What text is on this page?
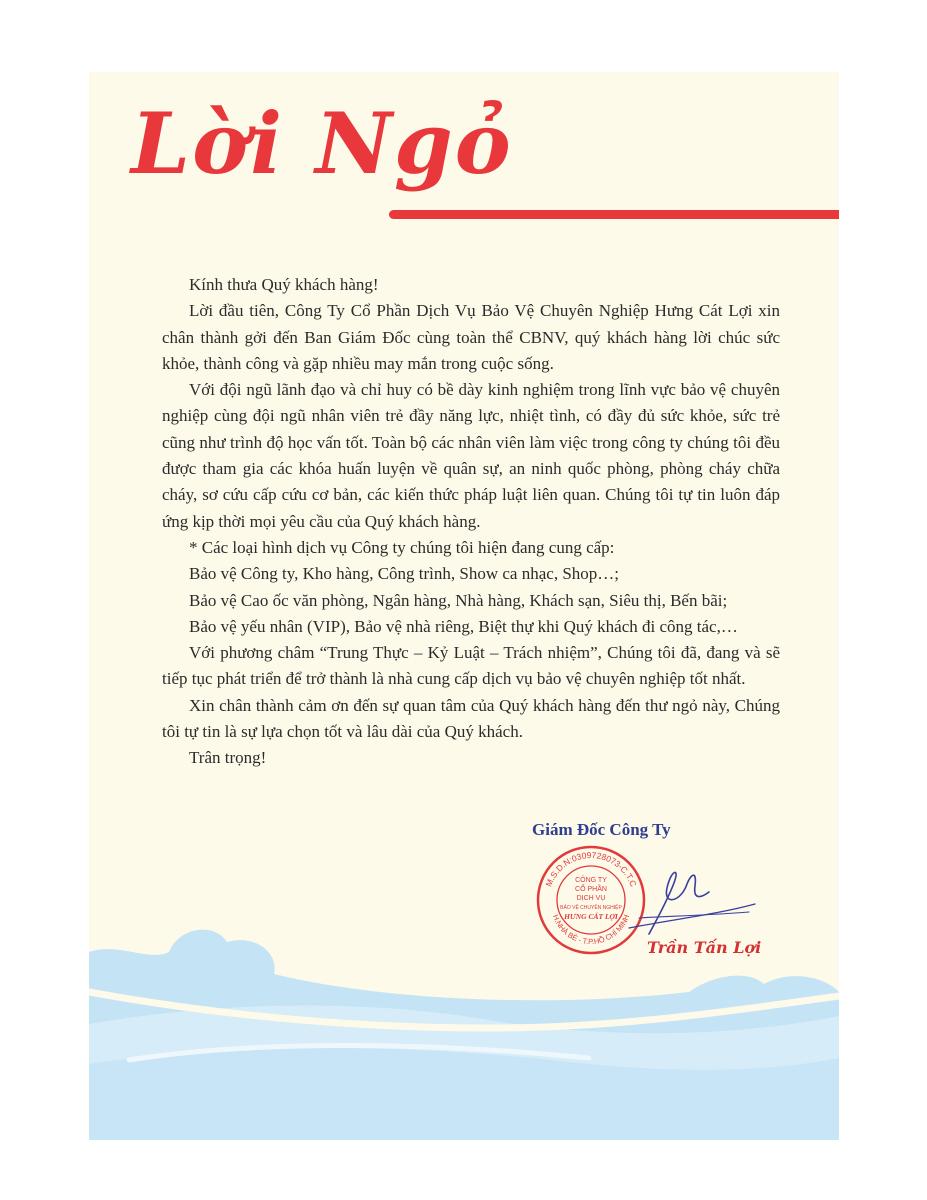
Lời Ngỏ

Kính thưa Quý khách hàng!

Lời đầu tiên, Công Ty Cổ Phần Dịch Vụ Bảo Vệ Chuyên Nghiệp Hưng Cát Lợi xin chân thành gởi đến Ban Giám Đốc cùng toàn thể CBNV, quý khách hàng lời chúc sức khỏe, thành công và gặp nhiều may mắn trong cuộc sống.

Với đội ngũ lãnh đạo và chỉ huy có bề dày kinh nghiệm trong lĩnh vực bảo vệ chuyên nghiệp cùng đội ngũ nhân viên trẻ đầy năng lực, nhiệt tình, có đầy đủ sức khỏe, sức trẻ cũng như trình độ học vấn tốt. Toàn bộ các nhân viên làm việc trong công ty chúng tôi đều được tham gia các khóa huấn luyện về quân sự, an ninh quốc phòng, phòng cháy chữa cháy, sơ cứu cấp cứu cơ bản, các kiến thức pháp luật liên quan. Chúng tôi tự tin luôn đáp ứng kịp thời mọi yêu cầu của Quý khách hàng.

* Các loại hình dịch vụ Công ty chúng tôi hiện đang cung cấp:

Bảo vệ Công ty, Kho hàng, Công trình, Show ca nhạc, Shop…;

Bảo vệ Cao ốc văn phòng, Ngân hàng, Nhà hàng, Khách sạn, Siêu thị, Bến bãi;

Bảo vệ yếu nhân (VIP), Bảo vệ nhà riêng, Biệt thự khi Quý khách đi công tác,…

Với phương châm “Trung Thực – Kỷ Luật – Trách nhiệm”, Chúng tôi đã, đang và sẽ tiếp tục phát triển để trở thành là nhà cung cấp dịch vụ bảo vệ chuyên nghiệp tốt nhất.

Xin chân thành cảm ơn đến sự quan tâm của Quý khách hàng đến thư ngỏ này, Chúng tôi tự tin là sự lựa chọn tốt và lâu dài của Quý khách.

Trân trọng!

Giám Đốc Công Ty
M.S.D.N:0309728073-C.T.C
H.NHÀ BÈ - T.P.HỒ CHÍ MINH
CÔNG TY
CỔ PHẦN
DỊCH VỤ
BẢO VỆ CHUYÊN NGHIỆP
HƯNG CÁT LỢI
Trần Tấn Lợi
